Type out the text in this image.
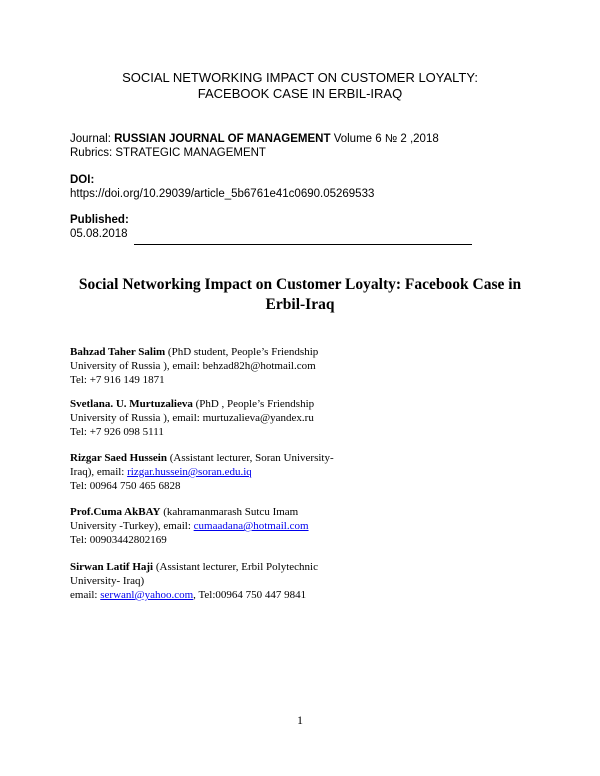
SOCIAL NETWORKING IMPACT ON CUSTOMER LOYALTY:
FACEBOOK CASE IN ERBIL-IRAQ
Journal: RUSSIAN JOURNAL OF MANAGEMENT Volume 6 № 2 ,2018
Rubrics: STRATEGIC MANAGEMENT
DOI:
https://doi.org/10.29039/article_5b6761e41c0690.05269533
Published:
05.08.2018
Social Networking Impact on Customer Loyalty: Facebook Case in
Erbil-Iraq
Bahzad Taher Salim (PhD student, People’s Friendship
University of Russia ), email: behzad82h@hotmail.com
Tel: +7 916 149 1871
Svetlana. U. Murtuzalieva (PhD , People’s Friendship
University of Russia ), email: murtuzalieva@yandex.ru
Tel: +7 926 098 5111
Rizgar Saed Hussein (Assistant lecturer, Soran University-
Iraq), email: rizgar.hussein@soran.edu.iq
Tel: 00964 750 465 6828
Prof.Cuma AkBAY (kahramanmarash Sutcu Imam
University -Turkey), email: cumaadana@hotmail.com
Tel: 00903442802169
Sirwan Latif Haji (Assistant lecturer, Erbil Polytechnic
University- Iraq)
email: serwanl@yahoo.com, Tel:00964 750 447 9841
1
